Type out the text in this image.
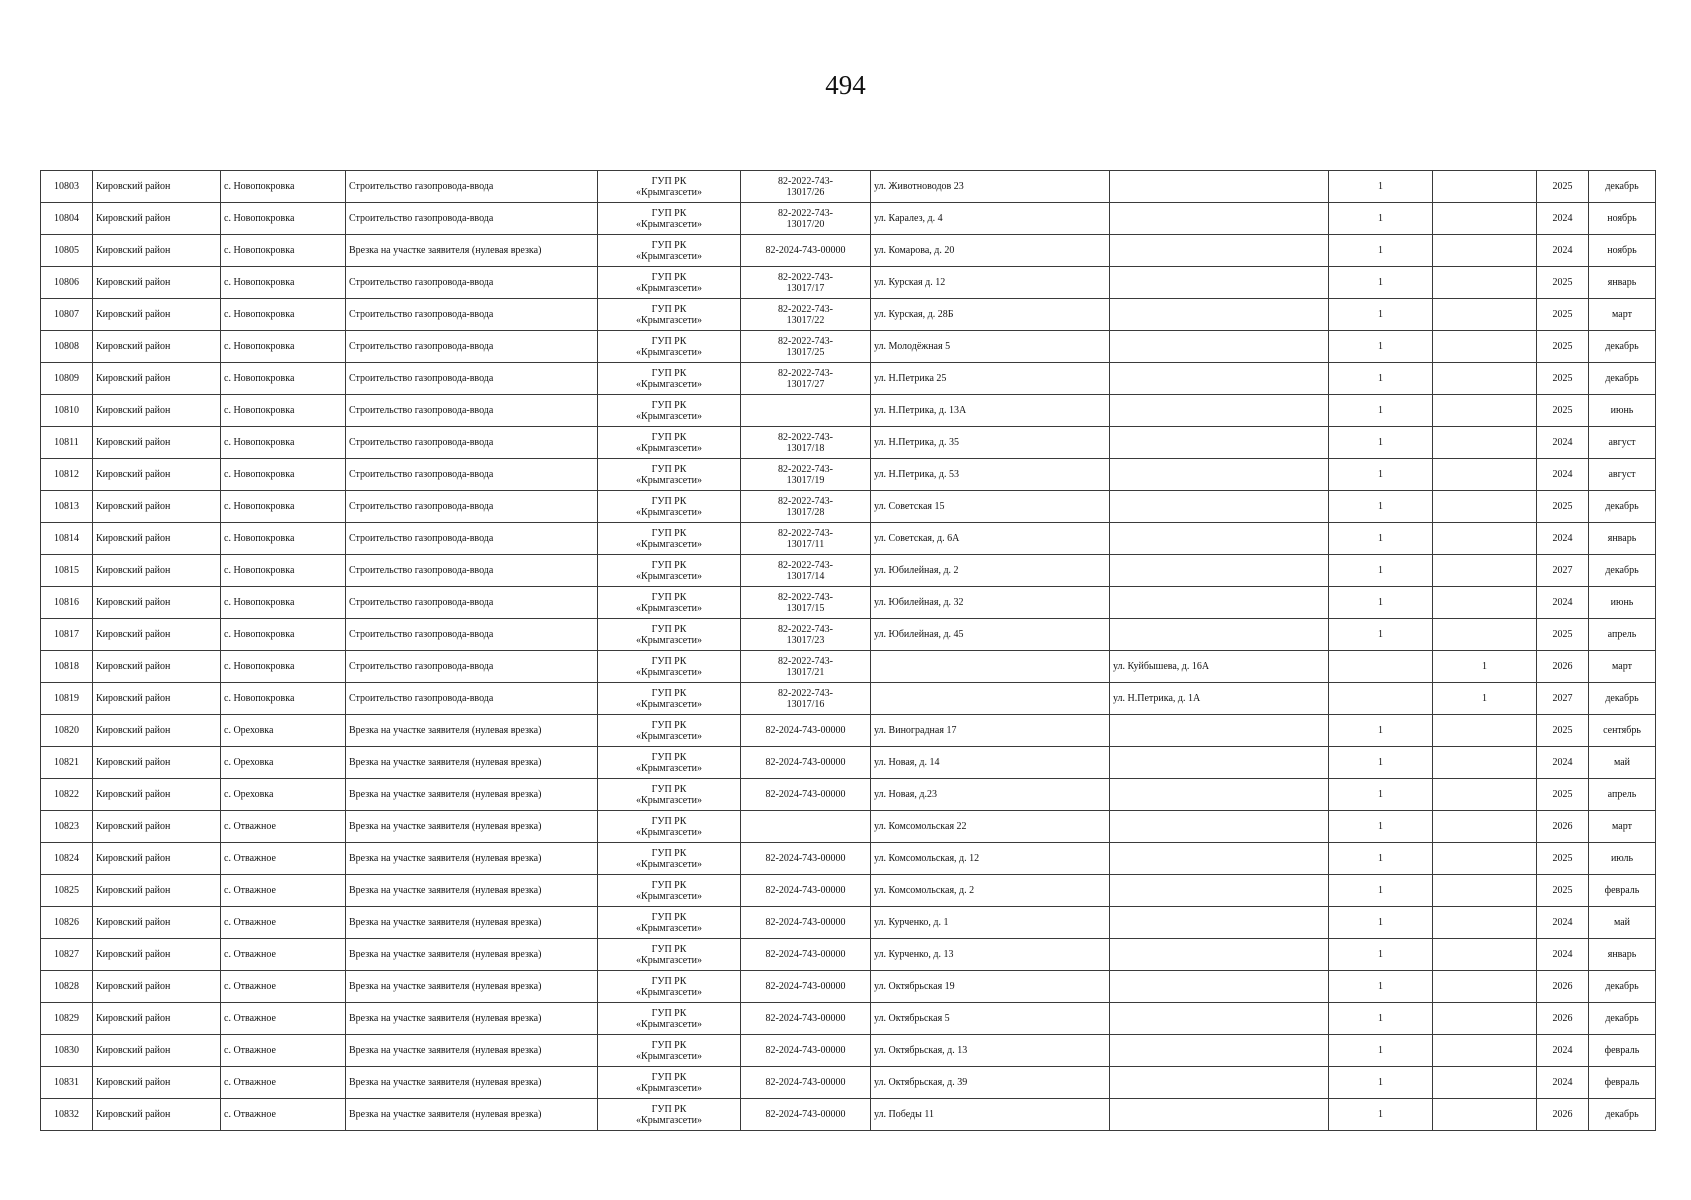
494
10803	Кировский район	с. Новопокровка	Строительство газопровода-ввода	ГУП РК
«Крымгазсети»	82-2022-743-
13017/26	ул. Животноводов 23		1		2025	декабрь
10804	Кировский район	с. Новопокровка	Строительство газопровода-ввода	ГУП РК
«Крымгазсети»	82-2022-743-
13017/20	ул. Каралез, д. 4		1		2024	ноябрь
10805	Кировский район	с. Новопокровка	Врезка на участке заявителя (нулевая врезка)	ГУП РК
«Крымгазсети»	82-2024-743-00000	ул. Комарова, д. 20		1		2024	ноябрь
10806	Кировский район	с. Новопокровка	Строительство газопровода-ввода	ГУП РК
«Крымгазсети»	82-2022-743-
13017/17	ул. Курская д. 12		1		2025	январь
10807	Кировский район	с. Новопокровка	Строительство газопровода-ввода	ГУП РК
«Крымгазсети»	82-2022-743-
13017/22	ул. Курская, д. 28Б		1		2025	март
10808	Кировский район	с. Новопокровка	Строительство газопровода-ввода	ГУП РК
«Крымгазсети»	82-2022-743-
13017/25	ул. Молодёжная 5		1		2025	декабрь
10809	Кировский район	с. Новопокровка	Строительство газопровода-ввода	ГУП РК
«Крымгазсети»	82-2022-743-
13017/27	ул. Н.Петрика 25		1		2025	декабрь
10810	Кировский район	с. Новопокровка	Строительство газопровода-ввода	ГУП РК
«Крымгазсети»		ул. Н.Петрика, д. 13А		1		2025	июнь
10811	Кировский район	с. Новопокровка	Строительство газопровода-ввода	ГУП РК
«Крымгазсети»	82-2022-743-
13017/18	ул. Н.Петрика, д. 35		1		2024	август
10812	Кировский район	с. Новопокровка	Строительство газопровода-ввода	ГУП РК
«Крымгазсети»	82-2022-743-
13017/19	ул. Н.Петрика, д. 53		1		2024	август
10813	Кировский район	с. Новопокровка	Строительство газопровода-ввода	ГУП РК
«Крымгазсети»	82-2022-743-
13017/28	ул. Советская 15		1		2025	декабрь
10814	Кировский район	с. Новопокровка	Строительство газопровода-ввода	ГУП РК
«Крымгазсети»	82-2022-743-
13017/11	ул. Советская, д. 6А		1		2024	январь
10815	Кировский район	с. Новопокровка	Строительство газопровода-ввода	ГУП РК
«Крымгазсети»	82-2022-743-
13017/14	ул. Юбилейная, д. 2		1		2027	декабрь
10816	Кировский район	с. Новопокровка	Строительство газопровода-ввода	ГУП РК
«Крымгазсети»	82-2022-743-
13017/15	ул. Юбилейная, д. 32		1		2024	июнь
10817	Кировский район	с. Новопокровка	Строительство газопровода-ввода	ГУП РК
«Крымгазсети»	82-2022-743-
13017/23	ул. Юбилейная, д. 45		1		2025	апрель
10818	Кировский район	с. Новопокровка	Строительство газопровода-ввода	ГУП РК
«Крымгазсети»	82-2022-743-
13017/21		ул. Куйбышева, д. 16А		1	2026	март
10819	Кировский район	с. Новопокровка	Строительство газопровода-ввода	ГУП РК
«Крымгазсети»	82-2022-743-
13017/16		ул. Н.Петрика, д. 1А		1	2027	декабрь
10820	Кировский район	с. Ореховка	Врезка на участке заявителя (нулевая врезка)	ГУП РК
«Крымгазсети»	82-2024-743-00000	ул. Виноградная 17		1		2025	сентябрь
10821	Кировский район	с. Ореховка	Врезка на участке заявителя (нулевая врезка)	ГУП РК
«Крымгазсети»	82-2024-743-00000	ул. Новая, д. 14		1		2024	май
10822	Кировский район	с. Ореховка	Врезка на участке заявителя (нулевая врезка)	ГУП РК
«Крымгазсети»	82-2024-743-00000	ул. Новая, д.23		1		2025	апрель
10823	Кировский район	с. Отважное	Врезка на участке заявителя (нулевая врезка)	ГУП РК
«Крымгазсети»		ул. Комсомольская 22		1		2026	март
10824	Кировский район	с. Отважное	Врезка на участке заявителя (нулевая врезка)	ГУП РК
«Крымгазсети»	82-2024-743-00000	ул. Комсомольская, д. 12		1		2025	июль
10825	Кировский район	с. Отважное	Врезка на участке заявителя (нулевая врезка)	ГУП РК
«Крымгазсети»	82-2024-743-00000	ул. Комсомольская, д. 2		1		2025	февраль
10826	Кировский район	с. Отважное	Врезка на участке заявителя (нулевая врезка)	ГУП РК
«Крымгазсети»	82-2024-743-00000	ул. Курченко, д. 1		1		2024	май
10827	Кировский район	с. Отважное	Врезка на участке заявителя (нулевая врезка)	ГУП РК
«Крымгазсети»	82-2024-743-00000	ул. Курченко, д. 13		1		2024	январь
10828	Кировский район	с. Отважное	Врезка на участке заявителя (нулевая врезка)	ГУП РК
«Крымгазсети»	82-2024-743-00000	ул. Октябрьская 19		1		2026	декабрь
10829	Кировский район	с. Отважное	Врезка на участке заявителя (нулевая врезка)	ГУП РК
«Крымгазсети»	82-2024-743-00000	ул. Октябрьская 5		1		2026	декабрь
10830	Кировский район	с. Отважное	Врезка на участке заявителя (нулевая врезка)	ГУП РК
«Крымгазсети»	82-2024-743-00000	ул. Октябрьская, д. 13		1		2024	февраль
10831	Кировский район	с. Отважное	Врезка на участке заявителя (нулевая врезка)	ГУП РК
«Крымгазсети»	82-2024-743-00000	ул. Октябрьская, д. 39		1		2024	февраль
10832	Кировский район	с. Отважное	Врезка на участке заявителя (нулевая врезка)	ГУП РК
«Крымгазсети»	82-2024-743-00000	ул. Победы 11		1		2026	декабрь
